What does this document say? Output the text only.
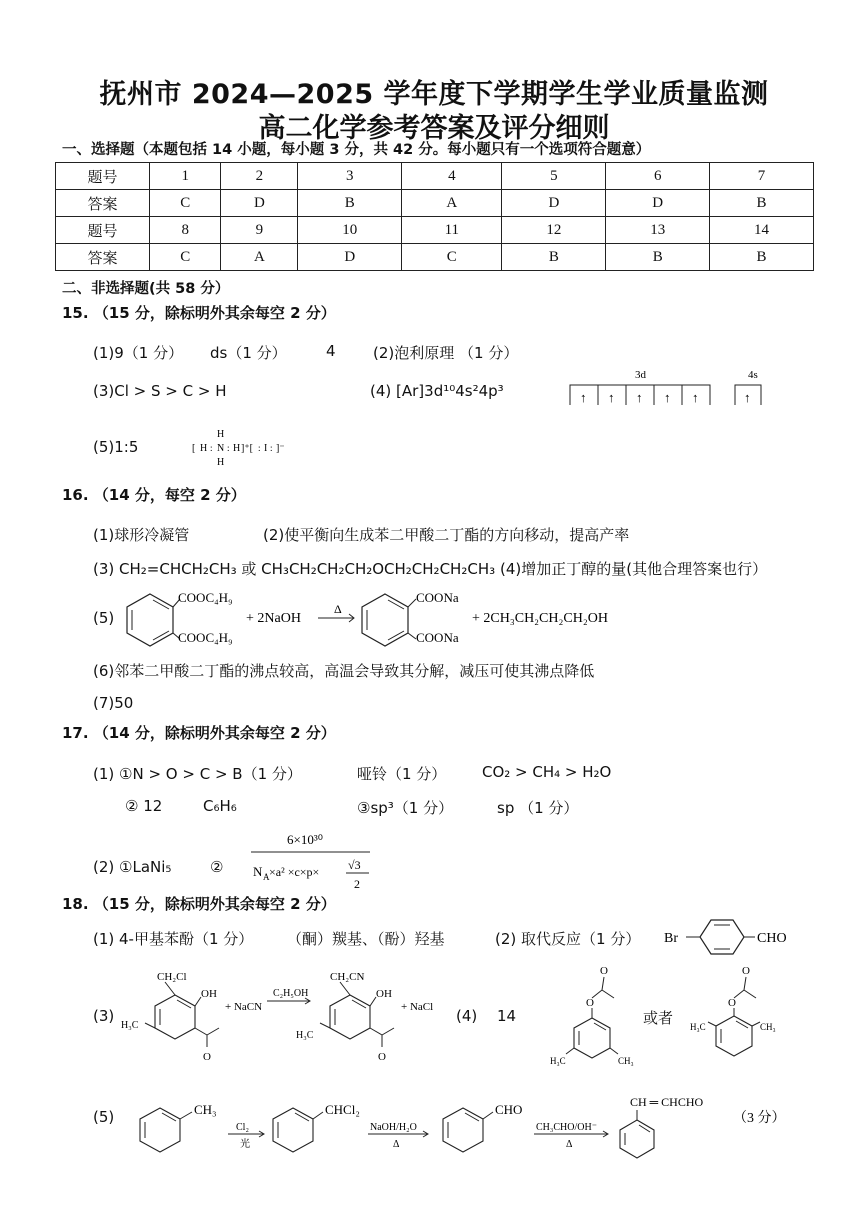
抚州市 2024—2025 学年度下学期学生学业质量监测
高二化学参考答案及评分细则
一、选择题（本题包括 14 小题，每小题 3 分，共 42 分。每小题只有一个选项符合题意）
题号	1	2	3	4	5	6	7
答案	C	D	B	A	D	D	B
题号	8	9	10	11	12	13	14
答案	C	A	D	C	B	B	B
二、非选择题(共 58 分）
15. （15 分，除标明外其余每空 2 分）
(1)9（1 分） ds（1 分）	4 (2)泡利原理 （1 分）
(3)Cl > S > C > H	(4) [Ar]3d¹⁰4s²4p³
3d	4s
↑ ↑ ↑ ↑ ↑	↑
(5)1:5	[ H : N
H
H
: H ]⁺[ : I : ]⁻
16. （14 分，每空 2 分）
(1)球形冷凝管	(2)使平衡向生成苯二甲酸二丁酯的方向移动，提高产率
(3) CH₂=CHCH₂CH₃ 或 CH₃CH₂CH₂CH₂OCH₂CH₂CH₂CH₃ (4)增加正丁醇的量(其他合理答案也行）
(5)
COOC₄H₉
COOC₄H₉
+ 2NaOH
Δ
COONa
COONa
+ 2CH₃CH₂CH₂CH₂OH
(6)邻苯二甲酸二丁酯的沸点较高，高温会导致其分解，减压可使其沸点降低
(7)50
17. （14 分，除标明外其余每空 2 分）
(1) ①N > O > C > B（1 分）	哑铃（1 分） CO₂ > CH₄ > H₂O
② 12	C₆H₆	③sp³（1 分）	sp （1 分）
(2) ①LaNi₅	②
6×10³⁰
N A ×a² ×c×p× √3
2
18. （15 分，除标明外其余每空 2 分）
(1) 4-甲基苯酚（1 分） （酮）羰基、（酚）羟基	(2) 取代反应（1 分） Br	CHO
(3)
CH₂Cl
OH
H₃C
O
+ NaCN
C₂H₅OH
CH₂CN
OH
H₃C
O
+ NaCl (4) 14
O
O
H₃C	CH₃
或者
O
O
H₃C	CH₃
(5)	CH₃
Cl₂
光
CHCl₂
NaOH/H₂O
Δ
CHO
CH₃CHO/OH⁻
Δ
CH ═ CHCHO
（3 分）
